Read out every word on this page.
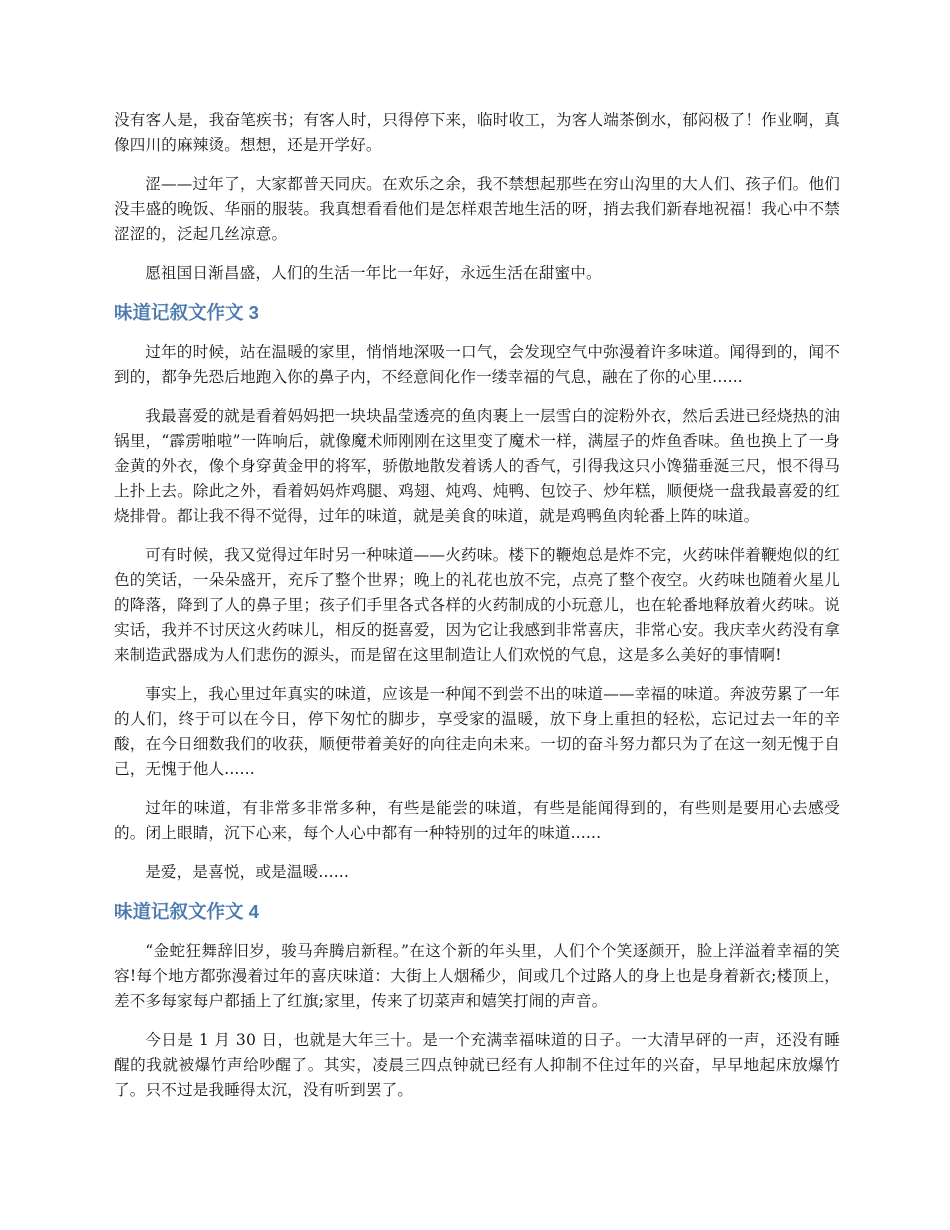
没有客人是，我奋笔疾书；有客人时，只得停下来，临时收工，为客人端茶倒水，郁闷极了！作业啊，真像四川的麻辣烫。想想，还是开学好。

涩——过年了，大家都普天同庆。在欢乐之余，我不禁想起那些在穷山沟里的大人们、孩子们。他们没丰盛的晚饭、华丽的服装。我真想看看他们是怎样艰苦地生活的呀，捎去我们新春地祝福！我心中不禁涩涩的，泛起几丝凉意。

愿祖国日渐昌盛，人们的生活一年比一年好，永远生活在甜蜜中。

味道记叙文作文 3

过年的时候，站在温暖的家里，悄悄地深吸一口气，会发现空气中弥漫着许多味道。闻得到的，闻不到的，都争先恐后地跑入你的鼻子内，不经意间化作一缕幸福的气息，融在了你的心里......

我最喜爱的就是看着妈妈把一块块晶莹透亮的鱼肉裹上一层雪白的淀粉外衣，然后丢进已经烧热的油锅里，“霹雳啪啦”一阵响后，就像魔术师刚刚在这里变了魔术一样，满屋子的炸鱼香味。鱼也换上了一身金黄的外衣，像个身穿黄金甲的将军，骄傲地散发着诱人的香气，引得我这只小馋猫垂涎三尺，恨不得马上扑上去。除此之外，看着妈妈炸鸡腿、鸡翅、炖鸡、炖鸭、包饺子、炒年糕，顺便烧一盘我最喜爱的红烧排骨。都让我不得不觉得，过年的味道，就是美食的味道，就是鸡鸭鱼肉轮番上阵的味道。

可有时候，我又觉得过年时另一种味道——火药味。楼下的鞭炮总是炸不完，火药味伴着鞭炮似的红色的笑话，一朵朵盛开，充斥了整个世界；晚上的礼花也放不完，点亮了整个夜空。火药味也随着火星儿的降落，降到了人的鼻子里；孩子们手里各式各样的火药制成的小玩意儿，也在轮番地释放着火药味。说实话，我并不讨厌这火药味儿，相反的挺喜爱，因为它让我感到非常喜庆，非常心安。我庆幸火药没有拿来制造武器成为人们悲伤的源头，而是留在这里制造让人们欢悦的气息，这是多么美好的事情啊!

事实上，我心里过年真实的味道，应该是一种闻不到尝不出的味道——幸福的味道。奔波劳累了一年的人们，终于可以在今日，停下匆忙的脚步，享受家的温暖，放下身上重担的轻松，忘记过去一年的辛酸，在今日细数我们的收获，顺便带着美好的向往走向未来。一切的奋斗努力都只为了在这一刻无愧于自己，无愧于他人......

过年的味道，有非常多非常多种，有些是能尝的味道，有些是能闻得到的，有些则是要用心去感受的。闭上眼睛，沉下心来，每个人心中都有一种特别的过年的味道......

是爱，是喜悦，或是温暖......

味道记叙文作文 4

“金蛇狂舞辞旧岁，骏马奔腾启新程。”在这个新的年头里，人们个个笑逐颜开，脸上洋溢着幸福的笑容!每个地方都弥漫着过年的喜庆味道：大街上人烟稀少，间或几个过路人的身上也是身着新衣;楼顶上，差不多每家每户都插上了红旗;家里，传来了切菜声和嬉笑打闹的声音。

今日是 1 月 30 日，也就是大年三十。是一个充满幸福味道的日子。一大清早砰的一声，还没有睡醒的我就被爆竹声给吵醒了。其实，凌晨三四点钟就已经有人抑制不住过年的兴奋，早早地起床放爆竹了。只不过是我睡得太沉，没有听到罢了。
